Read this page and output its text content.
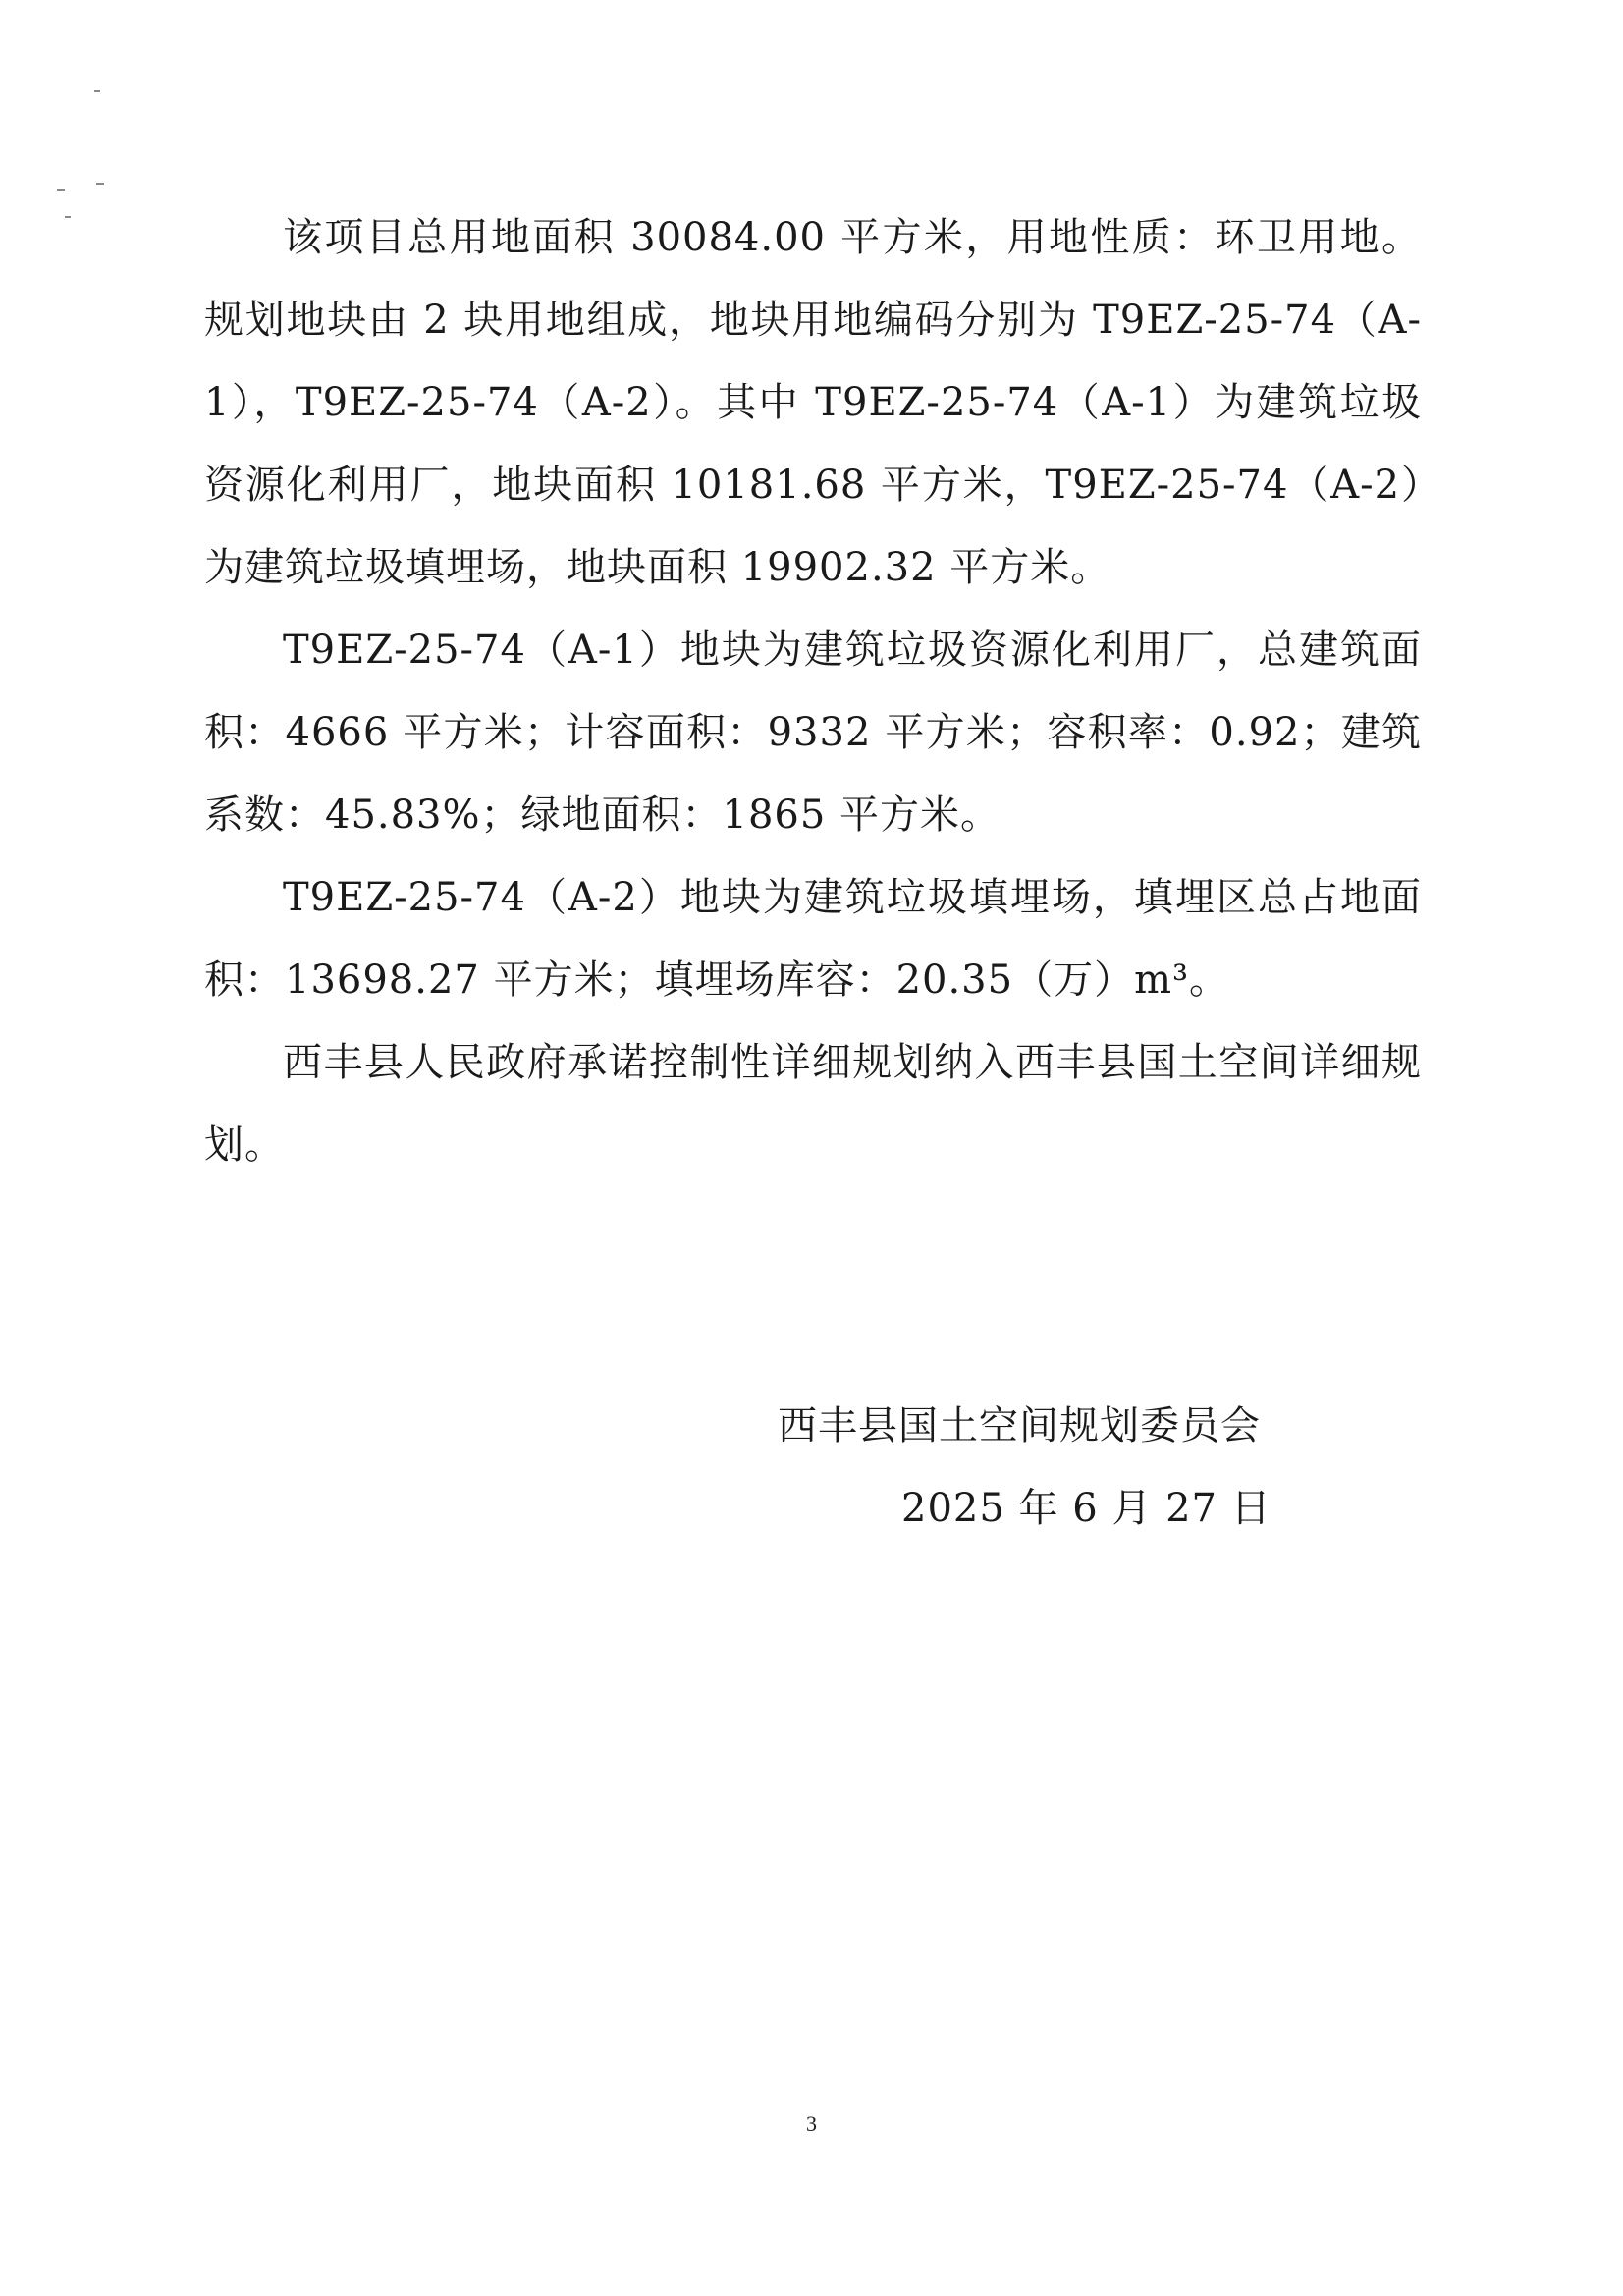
该项目总用地面积 30084.00 平方米，用地性质：环卫用地。规划地块由 2 块用地组成，地块用地编码分别为 T9EZ-25-74（A-1），T9EZ-25-74（A-2）。其中 T9EZ-25-74（A-1）为建筑垃圾资源化利用厂，地块面积 10181.68 平方米，T9EZ-25-74（A-2）为建筑垃圾填埋场，地块面积 19902.32 平方米。

T9EZ-25-74（A-1）地块为建筑垃圾资源化利用厂，总建筑面积：4666 平方米；计容面积：9332 平方米；容积率：0.92；建筑系数：45.83%；绿地面积：1865 平方米。

T9EZ-25-74（A-2）地块为建筑垃圾填埋场，填埋区总占地面积：13698.27 平方米；填埋场库容：20.35（万）m³。

西丰县人民政府承诺控制性详细规划纳入西丰县国土空间详细规划。

西丰县国土空间规划委员会
2025 年 6 月 27 日
3
